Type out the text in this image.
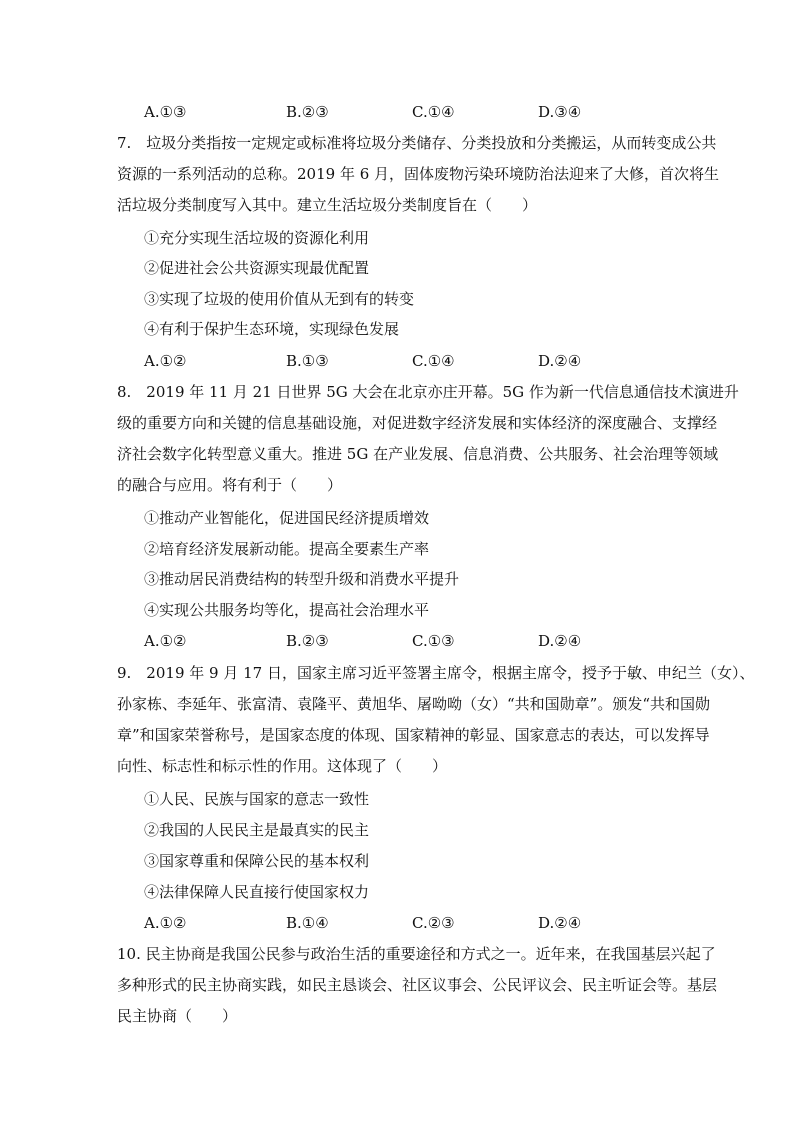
A.①③	B.②③	C.①④	D.③④
7.　垃圾分类指按一定规定或标准将垃圾分类储存、分类投放和分类搬运，从而转变成公共
资源的一系列活动的总称。2019 年 6 月，固体废物污染环境防治法迎来了大修，首次将生
活垃圾分类制度写入其中。建立生活垃圾分类制度旨在（　　）
①充分实现生活垃圾的资源化利用
②促进社会公共资源实现最优配置
③实现了垃圾的使用价值从无到有的转变
④有利于保护生态环境，实现绿色发展
A.①②	B.①③	C.①④	D.②④
8.　2019 年 11 月 21 日世界 5G 大会在北京亦庄开幕。5G 作为新一代信息通信技术演进升
级的重要方向和关键的信息基础设施，对促进数字经济发展和实体经济的深度融合、支撑经
济社会数字化转型意义重大。推进 5G 在产业发展、信息消费、公共服务、社会治理等领域
的融合与应用。将有利于（　　）
①推动产业智能化，促进国民经济提质增效
②培育经济发展新动能。提高全要素生产率
③推动居民消费结构的转型升级和消费水平提升
④实现公共服务均等化，提高社会治理水平
A.①②	B.②③	C.①③	D.②④
9.　2019 年 9 月 17 日，国家主席习近平签署主席令，根据主席令，授予于敏、申纪兰（女）、
孙家栋、李延年、张富清、袁隆平、黄旭华、屠呦呦（女）“共和国勋章”。颁发“共和国勋
章”和国家荣誉称号，是国家态度的体现、国家精神的彰显、国家意志的表达，可以发挥导
向性、标志性和标示性的作用。这体现了（　　）
①人民、民族与国家的意志一致性
②我国的人民民主是最真实的民主
③国家尊重和保障公民的基本权利
④法律保障人民直接行使国家权力
A.①②	B.①④	C.②③	D.②④
10. 民主协商是我国公民参与政治生活的重要途径和方式之一。近年来，在我国基层兴起了
多种形式的民主协商实践，如民主恳谈会、社区议事会、公民评议会、民主听证会等。基层
民主协商（　　）
